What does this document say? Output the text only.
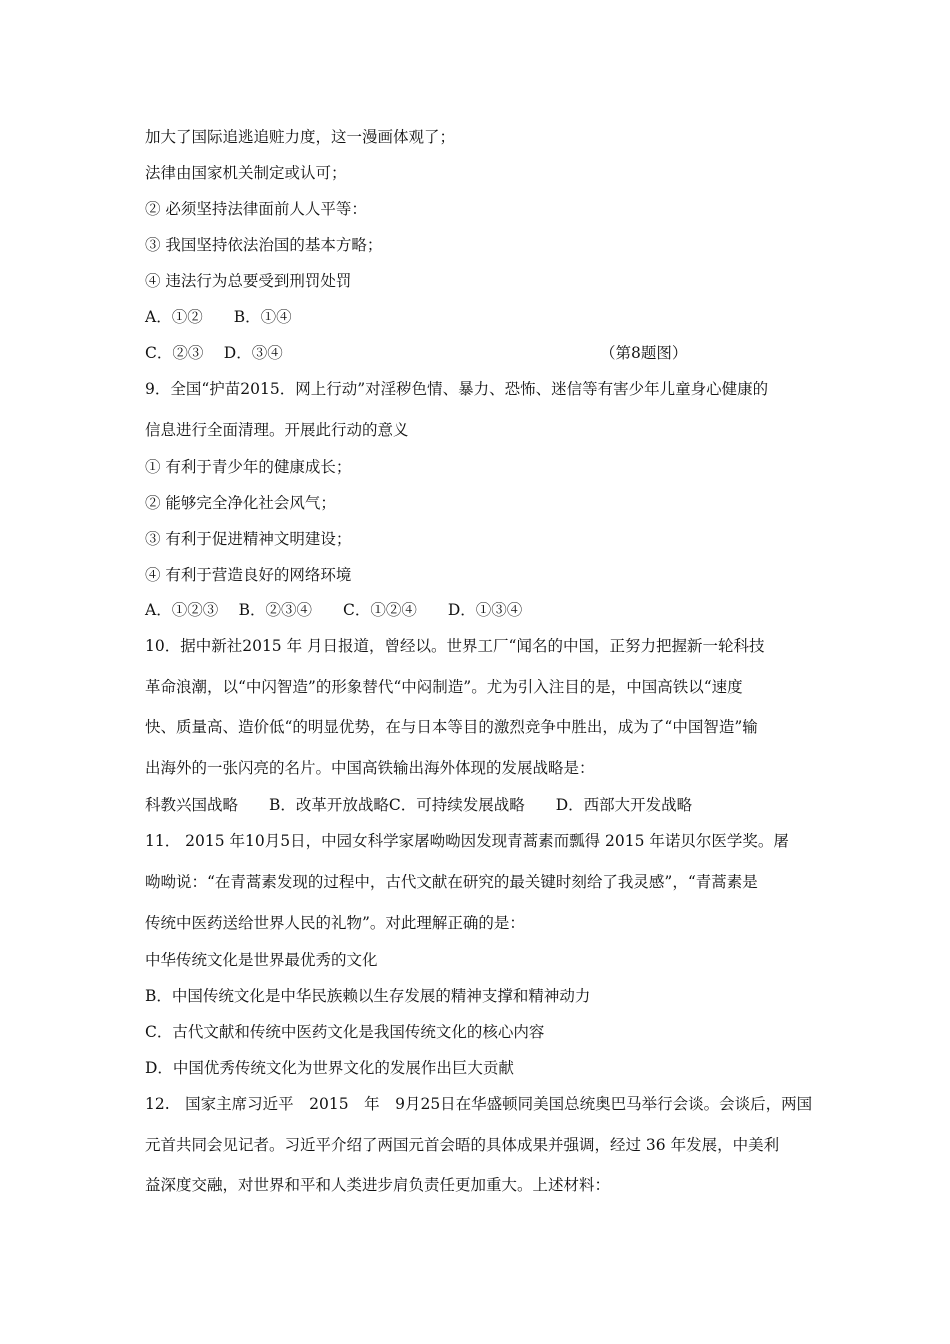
加大了国际追逃追赃力度，这一漫画体观了；
法律由国家机关制定或认可；
② 必须坚持法律面前人人平等：
③ 我国坚持依法治国的基本方略；
④ 违法行为总要受到刑罚处罚
A．①②　　B．①④
C．②③　 D．③④	（第8题图）
9．全国“护苗2015．网上行动”对淫秽色情、暴力、恐怖、迷信等有害少年儿童身心健康的
信息进行全面清理。开展此行动的意义
① 有利于青少年的健康成长；
② 能够完全净化社会风气；
③ 有利于促进精神文明建设；
④ 有利于营造良好的网络环境
A．①②③　 B．②③④　　C．①②④　　D．①③④
10．据中新社2015 年 月日报道，曾经以。世界工厂“闻名的中国，正努力把握新一轮科技
革命浪潮，以“中闪智造”的形象替代“中闷制造”。尤为引入注目的是，中国高铁以“速度
快、质量高、造价低“的明显优势，在与日本等目的激烈竞争中胜出，成为了“中国智造”输
出海外的一张闪亮的名片。中国高铁输出海外体现的发展战略是：
科教兴国战略　　B．改革开放战略C．可持续发展战略　　D．西部大开发战略
11． 2015 年10月5日，中园女科学家屠呦呦因发现青蒿素而瓢得 2015 年诺贝尔医学奖。屠
呦呦说：“在青蒿素发现的过程中，古代文献在研究的最关键时刻给了我灵感”，“青蒿素是
传统中医药送给世界人民的礼物”。对此理解正确的是：
中华传统文化是世界最优秀的文化
B．中国传统文化是中华民族赖以生存发展的精神支撑和精神动力
C．古代文献和传统中医药文化是我国传统文化的核心内容
D．中国优秀传统文化为世界文化的发展作出巨大贡献
12.　国家主席习近平　2015　年　9月25日在华盛顿同美国总统奥巴马举行会谈。会谈后，两国
元首共同会见记者。习近平介绍了两国元首会晤的具体成果并强调，经过 36 年发展，中美利
益深度交融，对世界和平和人类进步肩负责任更加重大。上述材料：
